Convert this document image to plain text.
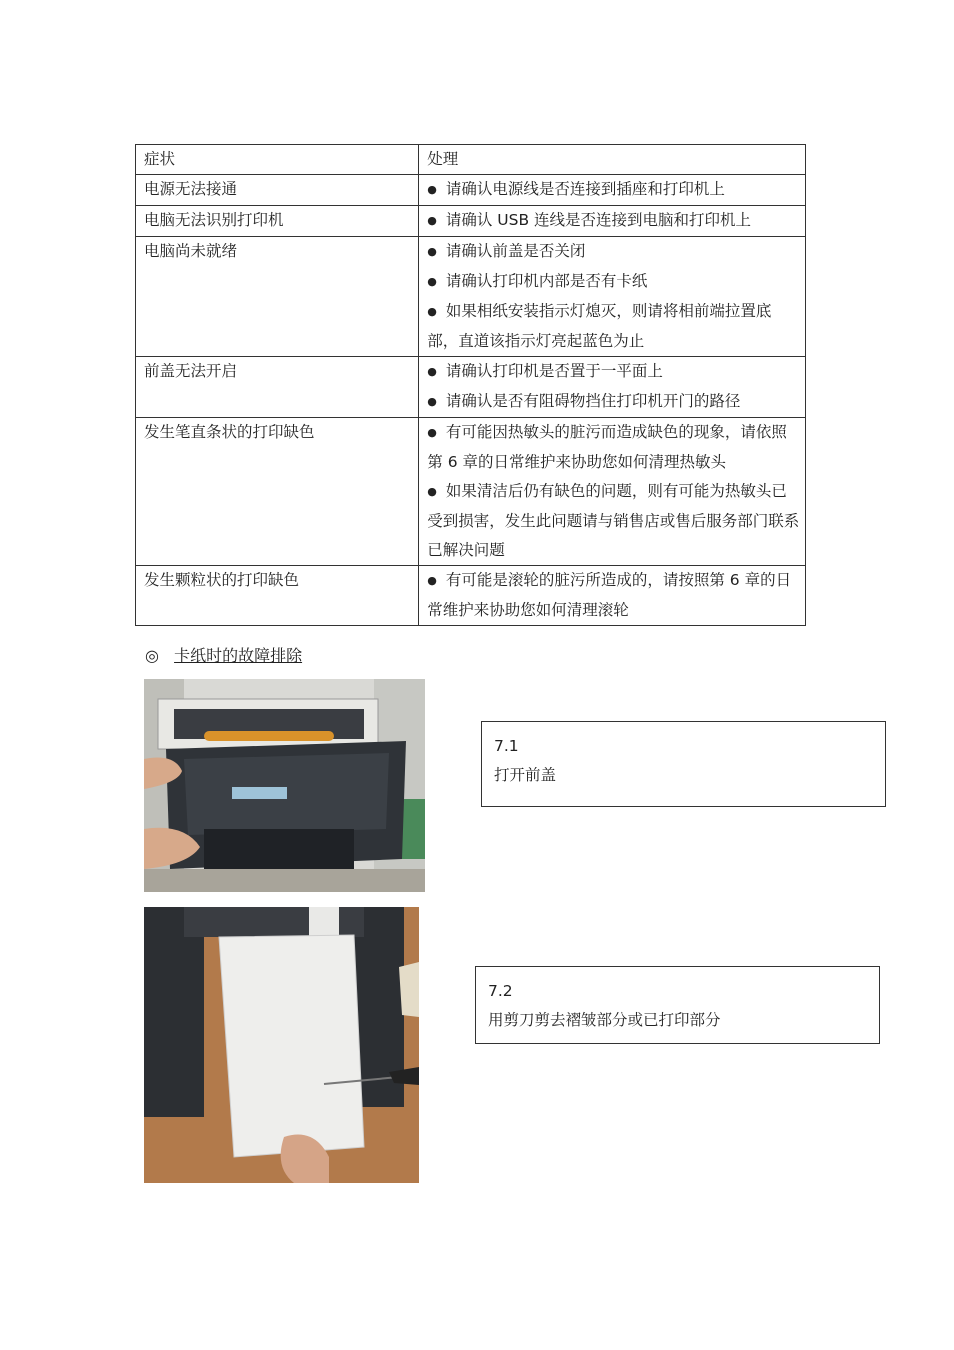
症状	处理
电源无法接通	● 请确认电源线是否连接到插座和打印机上

电脑无法识别打印机	● 请确认 USB 连线是否连接到电脑和打印机上

电脑尚未就绪	● 请确认前盖是否关闭
● 请确认打印机内部是否有卡纸
● 如果相纸安装指示灯熄灭，则请将相前端拉置底部，直道该指示灯亮起蓝色为止

前盖无法开启	● 请确认打印机是否置于一平面上
● 请确认是否有阻碍物挡住打印机开门的路径

发生笔直条状的打印缺色	● 有可能因热敏头的脏污而造成缺色的现象，请依照第 6 章的日常维护来协助您如何清理热敏头
● 如果清洁后仍有缺色的问题，则有可能为热敏头已受到损害，发生此问题请与销售店或售后服务部门联系已解决问题

发生颗粒状的打印缺色	● 有可能是滚轮的脏污所造成的，请按照第 6 章的日常维护来协助您如何清理滚轮
◎ 卡纸时的故障排除
7.1
打开前盖
7.2
用剪刀剪去褶皱部分或已打印部分
